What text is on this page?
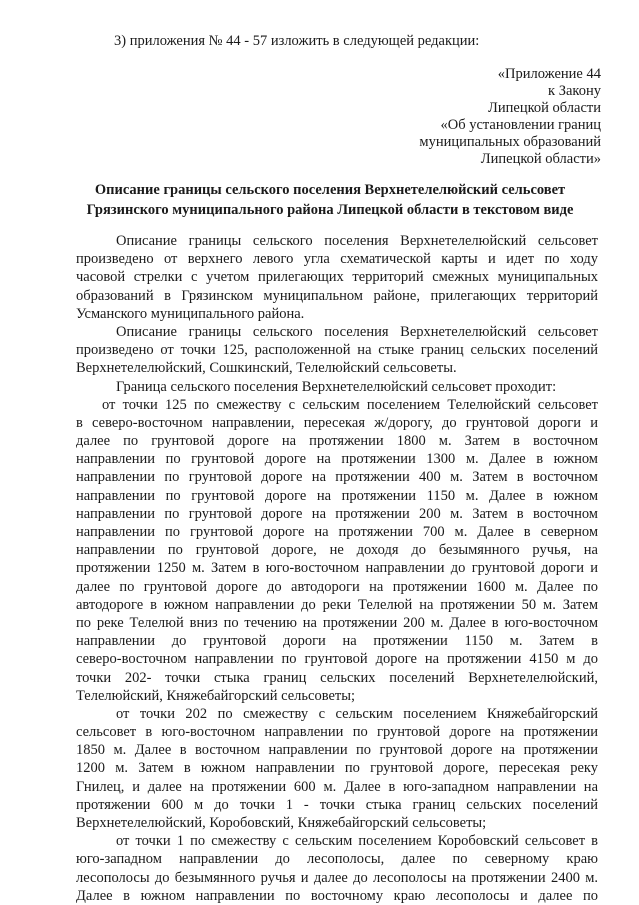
3) приложения № 44 - 57 изложить в следующей редакции:
«Приложение 44
к Закону
Липецкой области
«Об установлении границ
муниципальных образований
Липецкой области»
Описание границы сельского поселения Верхнетелелюйский сельсовет
Грязинского муниципального района Липецкой области в текстовом виде
Описание границы сельского поселения Верхнетелелюйский сельсовет
произведено от верхнего левого угла схематической карты и идет по ходу
часовой стрелки с учетом прилегающих территорий смежных муниципальных
образований в Грязинском муниципальном районе, прилегающих территорий
Усманского муниципального района.
Описание границы сельского поселения Верхнетелелюйский сельсовет
произведено от точки 125, расположенной на стыке границ сельских поселений
Верхнетелелюйский, Сошкинский, Телелюйский сельсоветы.
Граница сельского поселения Верхнетелелюйский сельсовет проходит:
от точки 125 по смежеству с сельским поселением Телелюйский сельсовет
в северо-восточном направлении, пересекая ж/дорогу, до грунтовой дороги и
далее по грунтовой дороге на протяжении 1800 м. Затем в восточном
направлении по грунтовой дороге на протяжении 1300 м. Далее в южном
направлении по грунтовой дороге на протяжении 400 м. Затем в восточном
направлении по грунтовой дороге на протяжении 1150 м. Далее в южном
направлении по грунтовой дороге на протяжении 200 м. Затем в восточном
направлении по грунтовой дороге на протяжении 700 м. Далее в северном
направлении по грунтовой дороге, не доходя до безымянного ручья, на
протяжении 1250 м. Затем в юго-восточном направлении до грунтовой дороги и
далее по грунтовой дороге до автодороги на протяжении 1600 м. Далее по
автодороге в южном направлении до реки Телелюй на протяжении 50 м. Затем
по реке Телелюй вниз по течению на протяжении 200 м. Далее в юго-восточном
направлении до грунтовой дороги на протяжении 1150 м. Затем в
северо-восточном направлении по грунтовой дороге на протяжении 4150 м до
точки 202- точки стыка границ сельских поселений Верхнетелелюйский,
Телелюйский, Княжебайгорский сельсоветы;
от точки 202 по смежеству с сельским поселением Княжебайгорский
сельсовет в юго-восточном направлении по грунтовой дороге на протяжении
1850 м. Далее в восточном направлении по грунтовой дороге на протяжении
1200 м. Затем в южном направлении по грунтовой дороге, пересекая реку
Гнилец, и далее на протяжении 600 м. Далее в юго-западном направлении на
протяжении 600 м до точки 1 - точки стыка границ сельских поселений
Верхнетелелюйский, Коробовский, Княжебайгорский сельсоветы;
от точки 1 по смежеству с сельским поселением Коробовский сельсовет в
юго-западном направлении до лесополосы, далее по северному краю
лесополосы до безымянного ручья и далее до лесополосы на протяжении 2400 м.
Далее в южном направлении по восточному краю лесополосы и далее по
